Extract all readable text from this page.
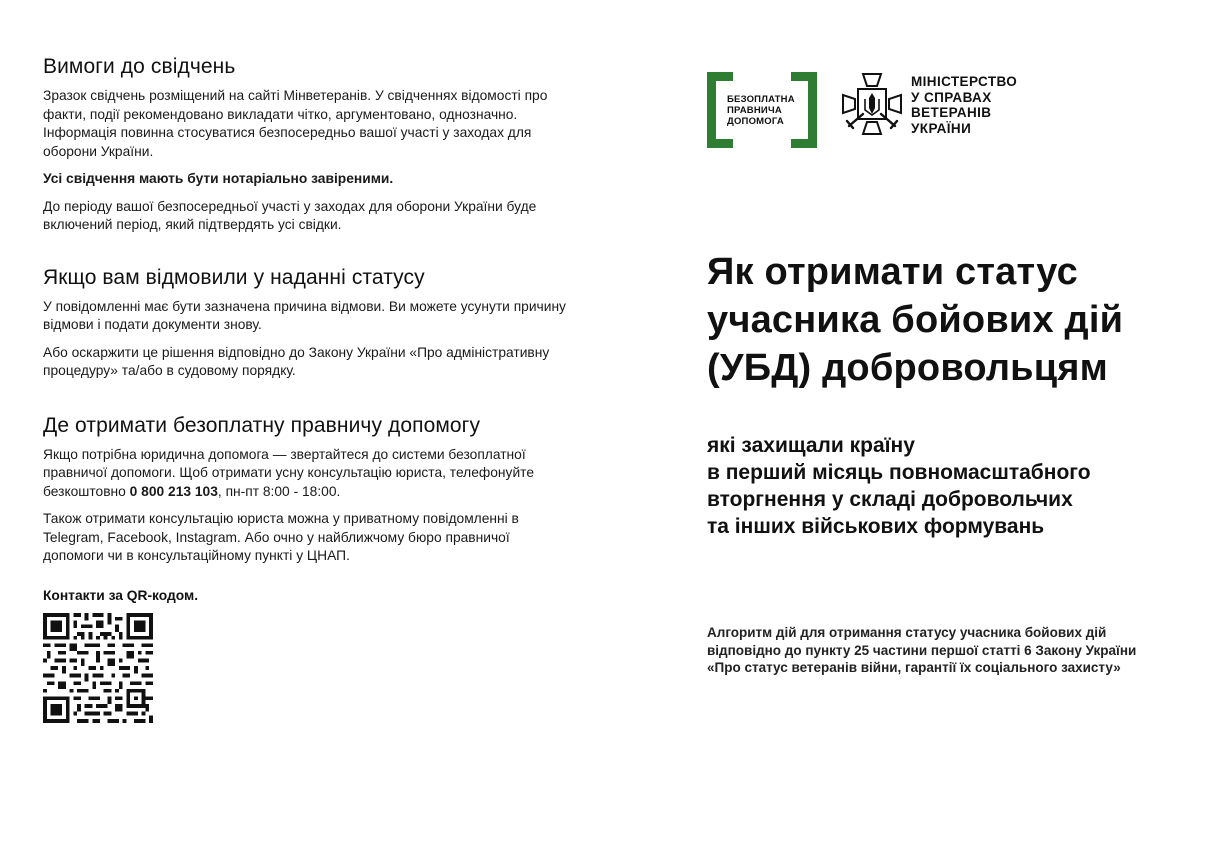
Вимоги до свідчень

Зразок свідчень розміщений на сайті Мінветеранів. У свідченнях відомості про факти, події рекомендовано викладати чітко, аргументовано, однозначно. Інформація повинна стосуватися безпосередньо вашої участі у заходах для оборони України.

Усі свідчення мають бути нотаріально завіреними.

До періоду вашої безпосередньої участі у заходах для оборони України буде включений період, який підтвердять усі свідки.

Якщо вам відмовили у наданні статусу

У повідомленні має бути зазначена причина відмови. Ви можете усунути причину відмови і подати документи знову.

Або оскаржити це рішення відповідно до Закону України «Про адміністративну процедуру» та/або в судовому порядку.

Де отримати безоплатну правничу допомогу

Якщо потрібна юридична допомога — звертайтеся до системи безоплатної правничої допомоги. Щоб отримати усну консультацію юриста, телефонуйте безкоштовно 0 800 213 103, пн-пт 8:00 - 18:00.

Також отримати консультацію юриста можна у приватному повідомленні в Telegram, Facebook, Instagram. Або очно у найближчому бюро правничої допомоги чи в консультаційному пункті у ЦНАП.

Контакти за QR-кодом.
БЕЗОПЛАТНА
ПРАВНИЧА
ДОПОМОГА
МІНІСТЕРСТВО
У СПРАВАХ
ВЕТЕРАНІВ
УКРАЇНИ
Як отримати статус
учасника бойових дій
(УБД) добровольцям
які захищали країну
в перший місяць повномасштабного
вторгнення у складі добровольчих
та інших військових формувань

Алгоритм дій для отримання статусу учасника бойових дій відповідно до пункту 25 частини першої статті 6 Закону України «Про статус ветеранів війни, гарантії їх соціального захисту»
